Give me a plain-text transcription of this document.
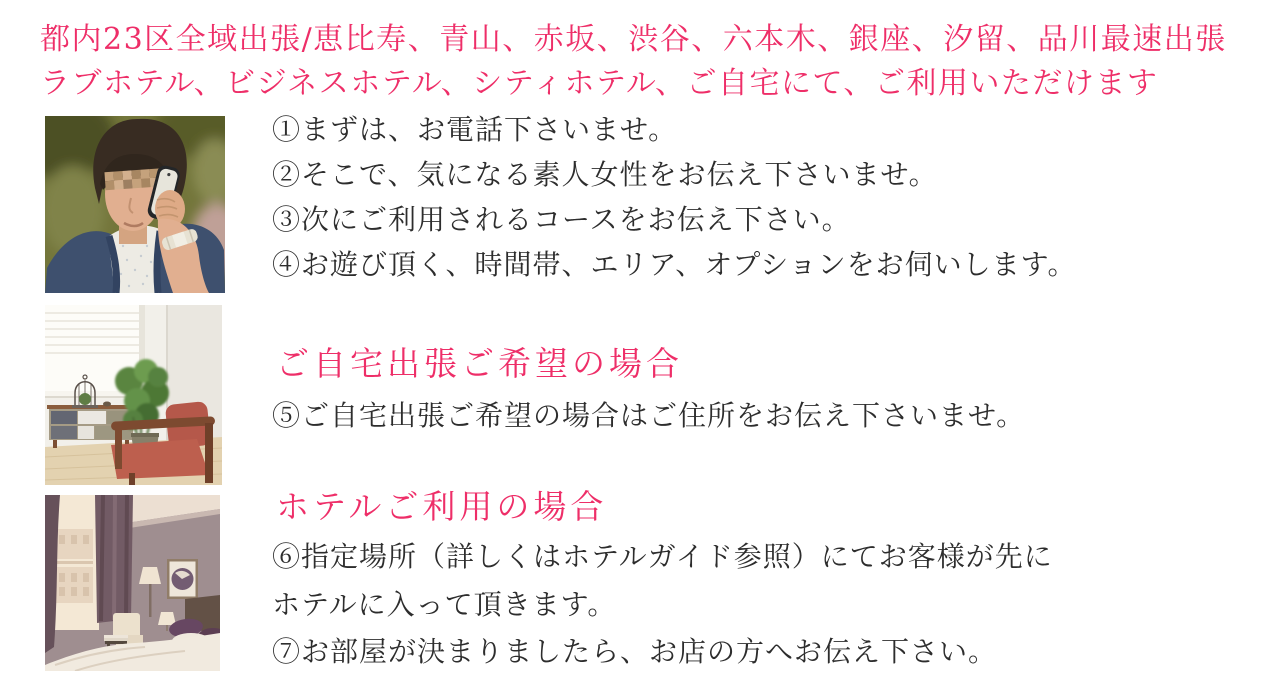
都内23区全域出張/恵比寿、青山、赤坂、渋谷、六本木、銀座、汐留、品川最速出張
ラブホテル、ビジネスホテル、シティホテル、ご自宅にて、ご利用いただけます
①まずは、お電話下さいませ。
②そこで、気になる素人女性をお伝え下さいませ。
③次にご利用されるコースをお伝え下さい。
④お遊び頂く、時間帯、エリア、オプションをお伺いします。
ご自宅出張ご希望の場合
⑤ご自宅出張ご希望の場合はご住所をお伝え下さいませ。
ホテルご利用の場合
⑥指定場所（詳しくはホテルガイド参照）にてお客様が先に
ホテルに入って頂きます。
⑦お部屋が決まりましたら、お店の方へお伝え下さい。
